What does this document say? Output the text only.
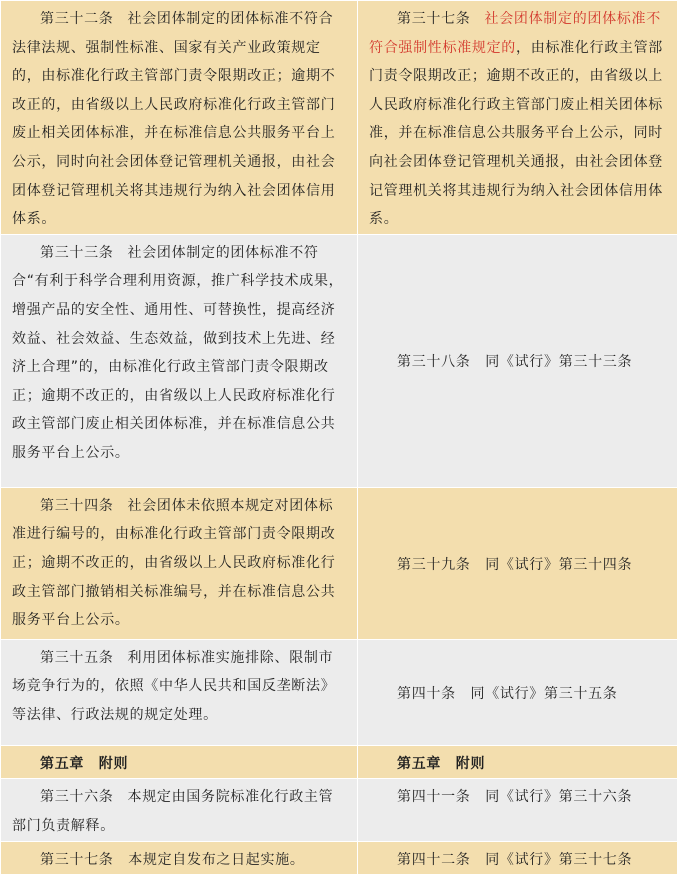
第三十二条 社会团体制定的团体标准不符合法律法规、强制性标准、国家有关产业政策规定的，由标准化行政主管部门责令限期改正；逾期不改正的，由省级以上人民政府标准化行政主管部门废止相关团体标准，并在标准信息公共服务平台上公示，同时向社会团体登记管理机关通报，由社会团体登记管理机关将其违规行为纳入社会团体信用体系。	第三十七条 社会团体制定的团体标准不符合强制性标准规定的，由标准化行政主管部门责令限期改正；逾期不改正的，由省级以上人民政府标准化行政主管部门废止相关团体标准，并在标准信息公共服务平台上公示，同时向社会团体登记管理机关通报，由社会团体登记管理机关将其违规行为纳入社会团体信用体系。
第三十三条 社会团体制定的团体标准不符合“有利于科学合理利用资源，推广科学技术成果，增强产品的安全性、通用性、可替换性，提高经济效益、社会效益、生态效益，做到技术上先进、经济上合理”的，由标准化行政主管部门责令限期改正；逾期不改正的，由省级以上人民政府标准化行政主管部门废止相关团体标准，并在标准信息公共服务平台上公示。	第三十八条　同《试行》第三十三条
第三十四条 社会团体未依照本规定对团体标准进行编号的，由标准化行政主管部门责令限期改正；逾期不改正的，由省级以上人民政府标准化行政主管部门撤销相关标准编号，并在标准信息公共服务平台上公示。	第三十九条　同《试行》第三十四条
第三十五条 利用团体标准实施排除、限制市场竞争行为的，依照《中华人民共和国反垄断法》等法律、行政法规的规定处理。	第四十条　同《试行》第三十五条
第五章　附则	第五章　附则
第三十六条 本规定由国务院标准化行政主管部门负责解释。	第四十一条　同《试行》第三十六条
第三十七条　本规定自发布之日起实施。	第四十二条　同《试行》第三十七条
